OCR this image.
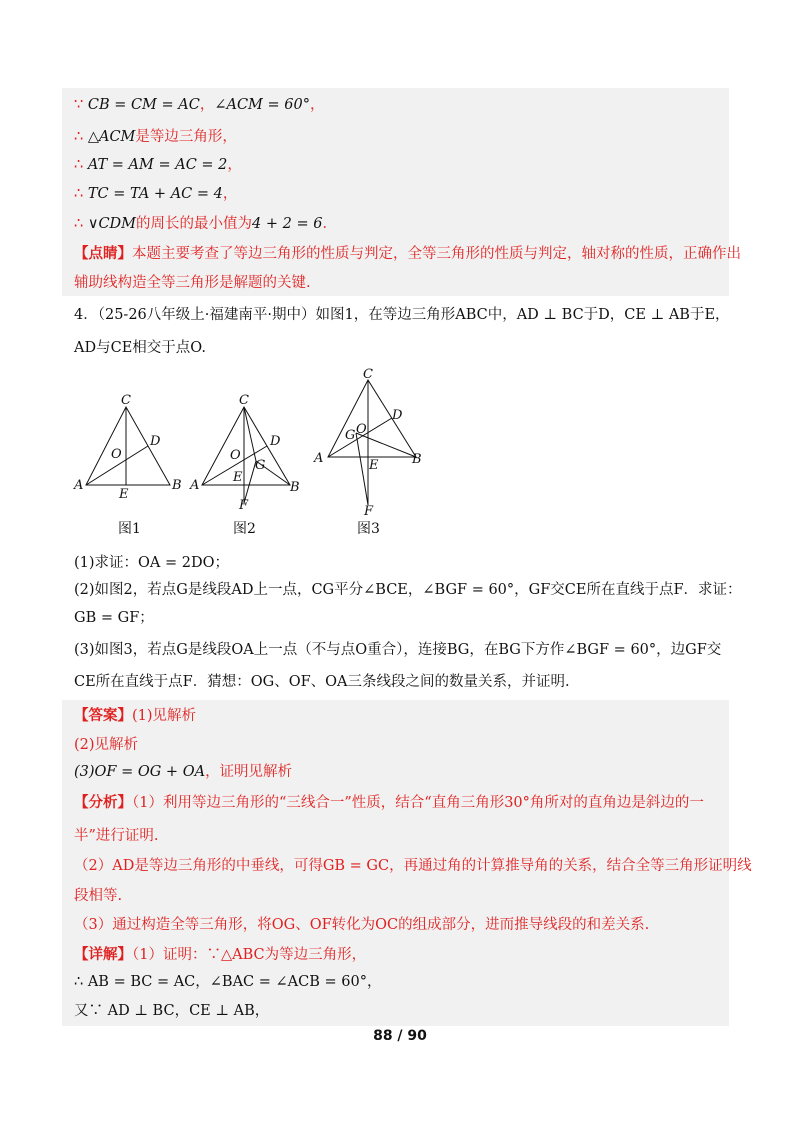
∵ CB = CM = AC，∠ACM = 60°，
∴ △ACM是等边三角形，
∴ AT = AM = AC = 2，
∴ TC = TA + AC = 4，
∴ ∨CDM的周长的最小值为4 + 2 = 6．
【点睛】本题主要考查了等边三角形的性质与判定，全等三角形的性质与判定，轴对称的性质，正确作出
辅助线构造全等三角形是解题的关键.
4．（25-26八年级上·福建南平·期中）如图1，在等边三角形ABC中，AD ⊥ BC于D，CE ⊥ AB于E，
AD与CE相交于点O.
C
A	B
D
O
E
图1
C
A	B
D
O
G
E
F
图2
C
A	B
D
G O
E
F
图3
(1)求证：OA = 2DO；
(2)如图2，若点G是线段AD上一点，CG平分∠BCE，∠BGF = 60°，GF交CE所在直线于点F．求证：
GB = GF；
(3)如图3，若点G是线段OA上一点（不与点O重合），连接BG，在BG下方作∠BGF = 60°，边GF交
CE所在直线于点F．猜想：OG、OF、OA三条线段之间的数量关系，并证明.
【答案】(1)见解析
(2)见解析
(3)OF = OG + OA，证明见解析
【分析】（1）利用等边三角形的“三线合一”性质，结合“直角三角形30°角所对的直角边是斜边的一
半”进行证明.
（2）AD是等边三角形的中垂线，可得GB = GC，再通过角的计算推导角的关系，结合全等三角形证明线
段相等.
（3）通过构造全等三角形，将OG、OF转化为OC的组成部分，进而推导线段的和差关系.
【详解】（1）证明：∵△ABC为等边三角形，
∴ AB = BC = AC，∠BAC = ∠ACB = 60°，
又∵ AD ⊥ BC，CE ⊥ AB，
88 / 90
